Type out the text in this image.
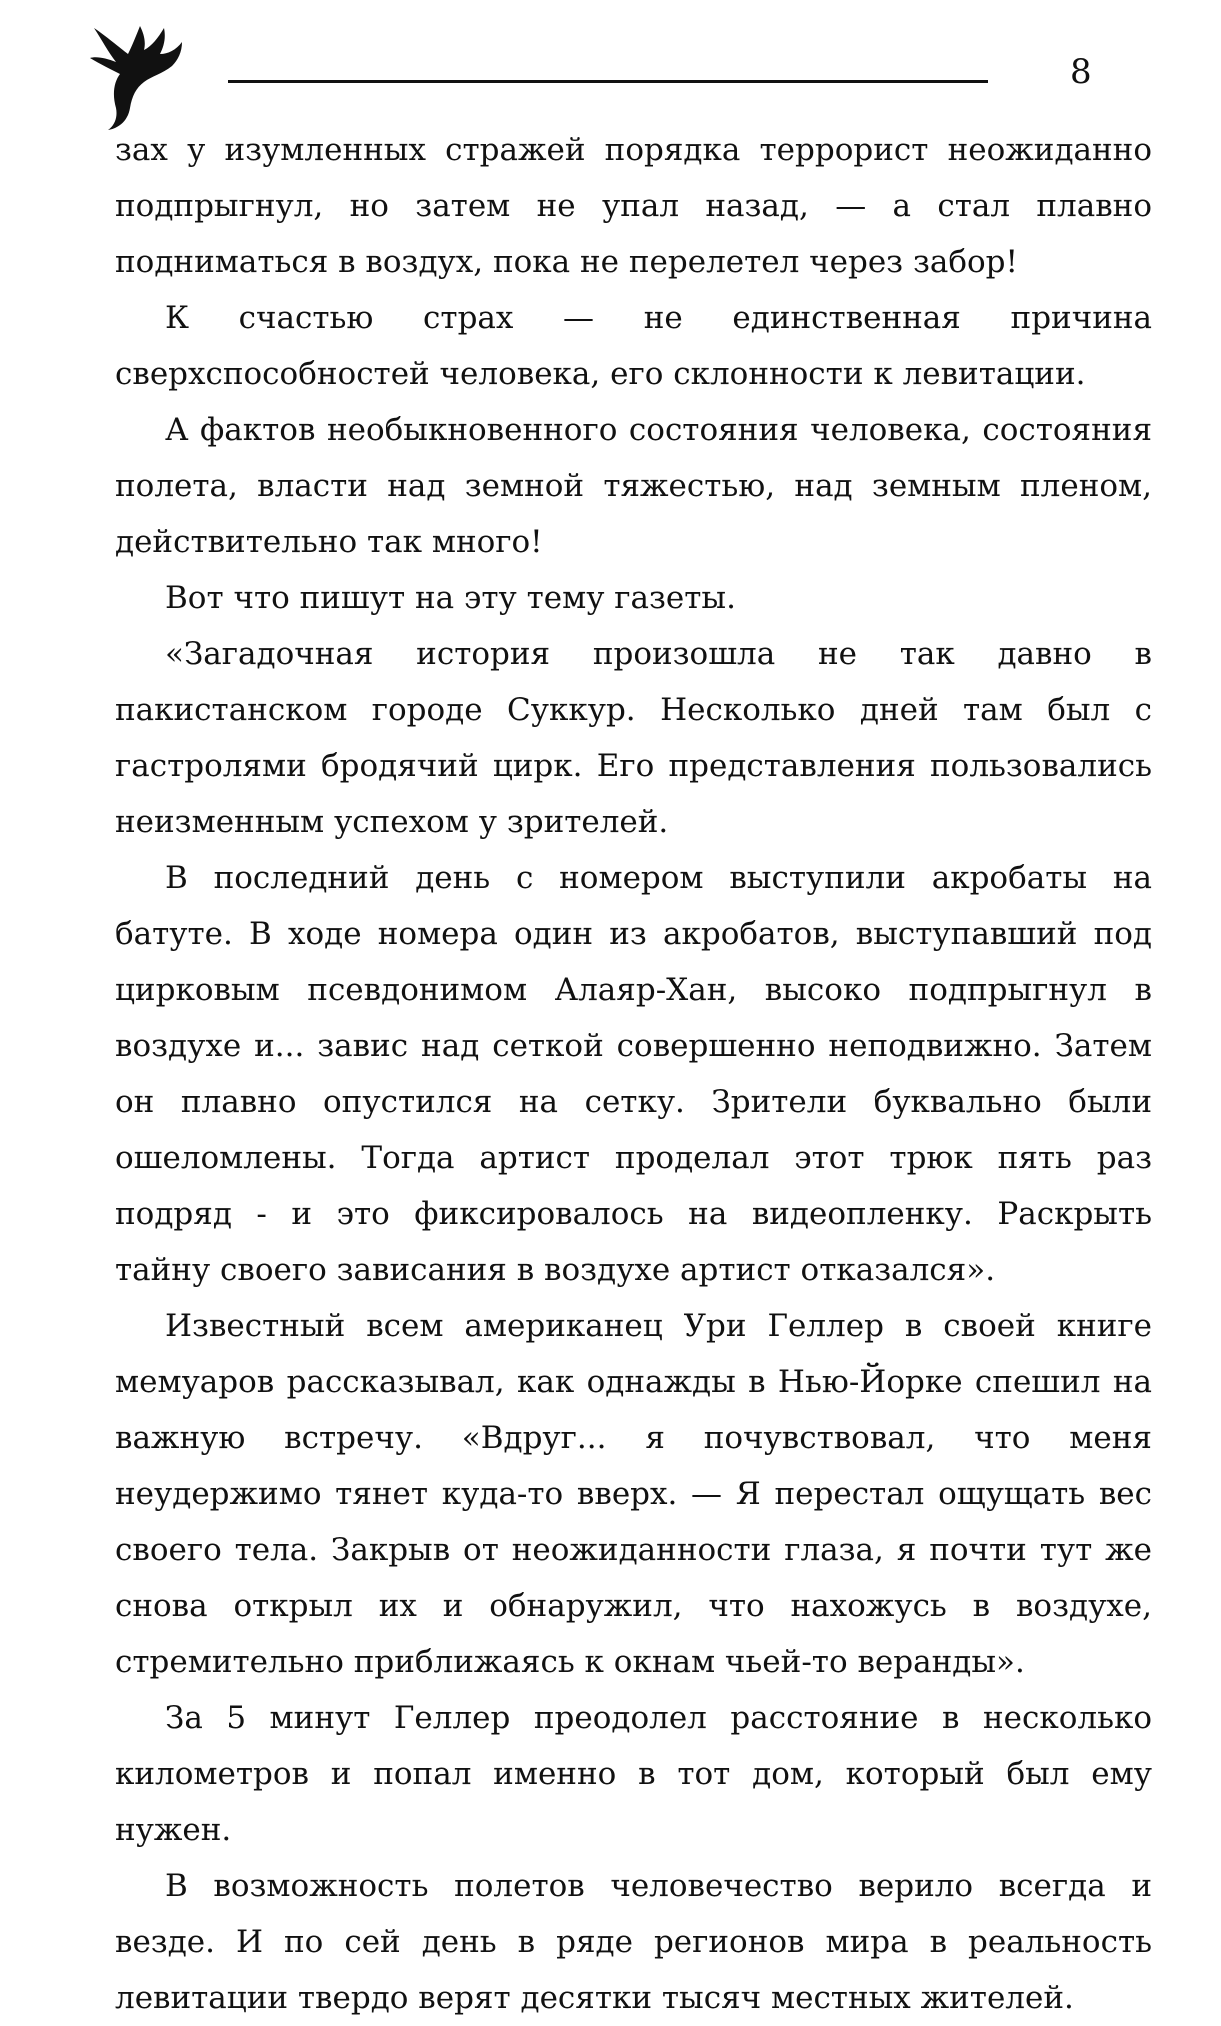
8

зах у изумленных стражей порядка террорист неожиданно подпрыгнул, но затем не упал назад, — а стал плавно подниматься в воздух, пока не перелетел через забор!

К счастью страх — не единственная причина сверхспособностей человека, его склонности к левитации.

А фактов необыкновенного состояния человека, состояния полета, власти над земной тяжестью, над земным пленом, действительно так много!

Вот что пишут на эту тему газеты.

«Загадочная история произошла не так давно в пакистанском городе Суккур. Несколько дней там был с гастролями бродячий цирк. Его представления пользовались неизменным успехом у зрителей.

В последний день с номером выступили акробаты на батуте. В ходе номера один из акробатов, выступавший под цирковым псевдонимом Алаяр-Хан, высоко подпрыгнул в воздухе и... завис над сеткой совершенно неподвижно. Затем он плавно опустился на сетку. Зрители буквально были ошеломлены. Тогда артист проделал этот трюк пять раз подряд - и это фиксировалось на видеопленку. Раскрыть тайну своего зависания в воздухе артист отказался».

Известный всем американец Ури Геллер в своей книге мемуаров рассказывал, как однажды в Нью-Йорке спешил на важную встречу. «Вдруг... я почувствовал, что меня неудержимо тянет куда-то вверх. — Я перестал ощущать вес своего тела. Закрыв от неожиданности глаза, я почти тут же снова открыл их и обнаружил, что нахожусь в воздухе, стремительно приближаясь к окнам чьей-то веранды».

За 5 минут Геллер преодолел расстояние в несколько километров и попал именно в тот дом, который был ему нужен.

В возможность полетов человечество верило всегда и везде. И по сей день в ряде регионов мира в реальность левитации твердо верят десятки тысяч местных жителей.
